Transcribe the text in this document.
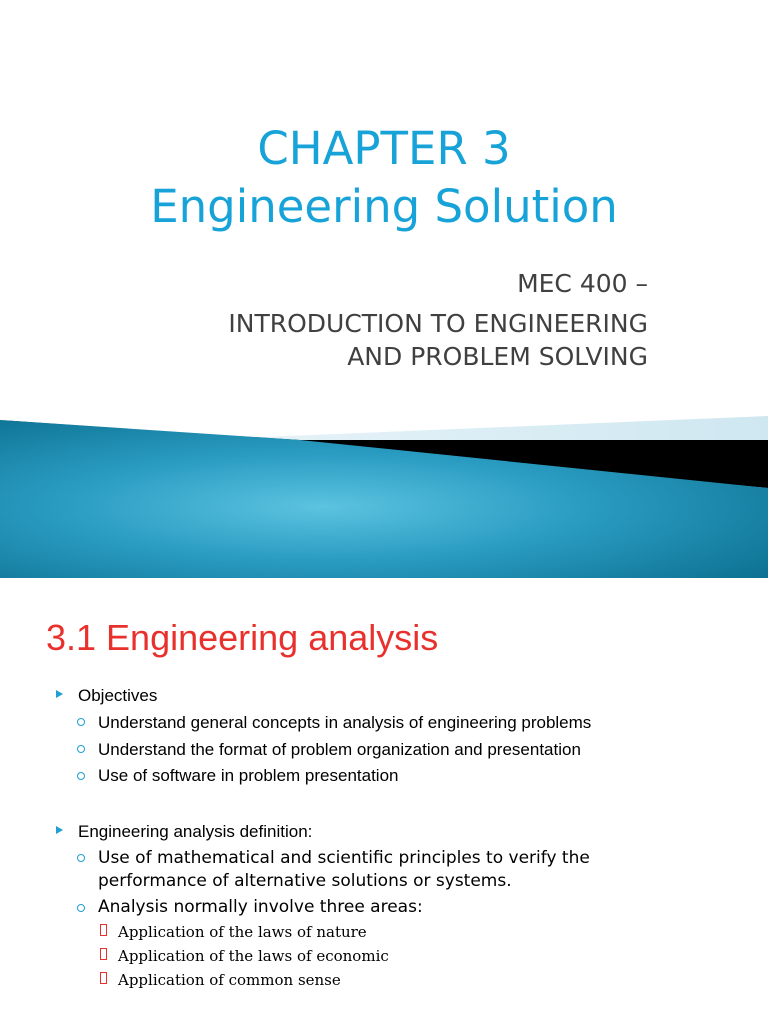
CHAPTER 3
Engineering Solution
MEC 400 –
INTRODUCTION TO ENGINEERING
AND PROBLEM SOLVING
3.1 Engineering analysis
Objectives
Understand general concepts in analysis of engineering problems
Understand the format of problem organization and presentation
Use of software in problem presentation
Engineering analysis definition:
Use of mathematical and scientific principles to verify the
performance of alternative solutions or systems.
Analysis normally involve three areas:
Application of the laws of nature
Application of the laws of economic
Application of common sense
